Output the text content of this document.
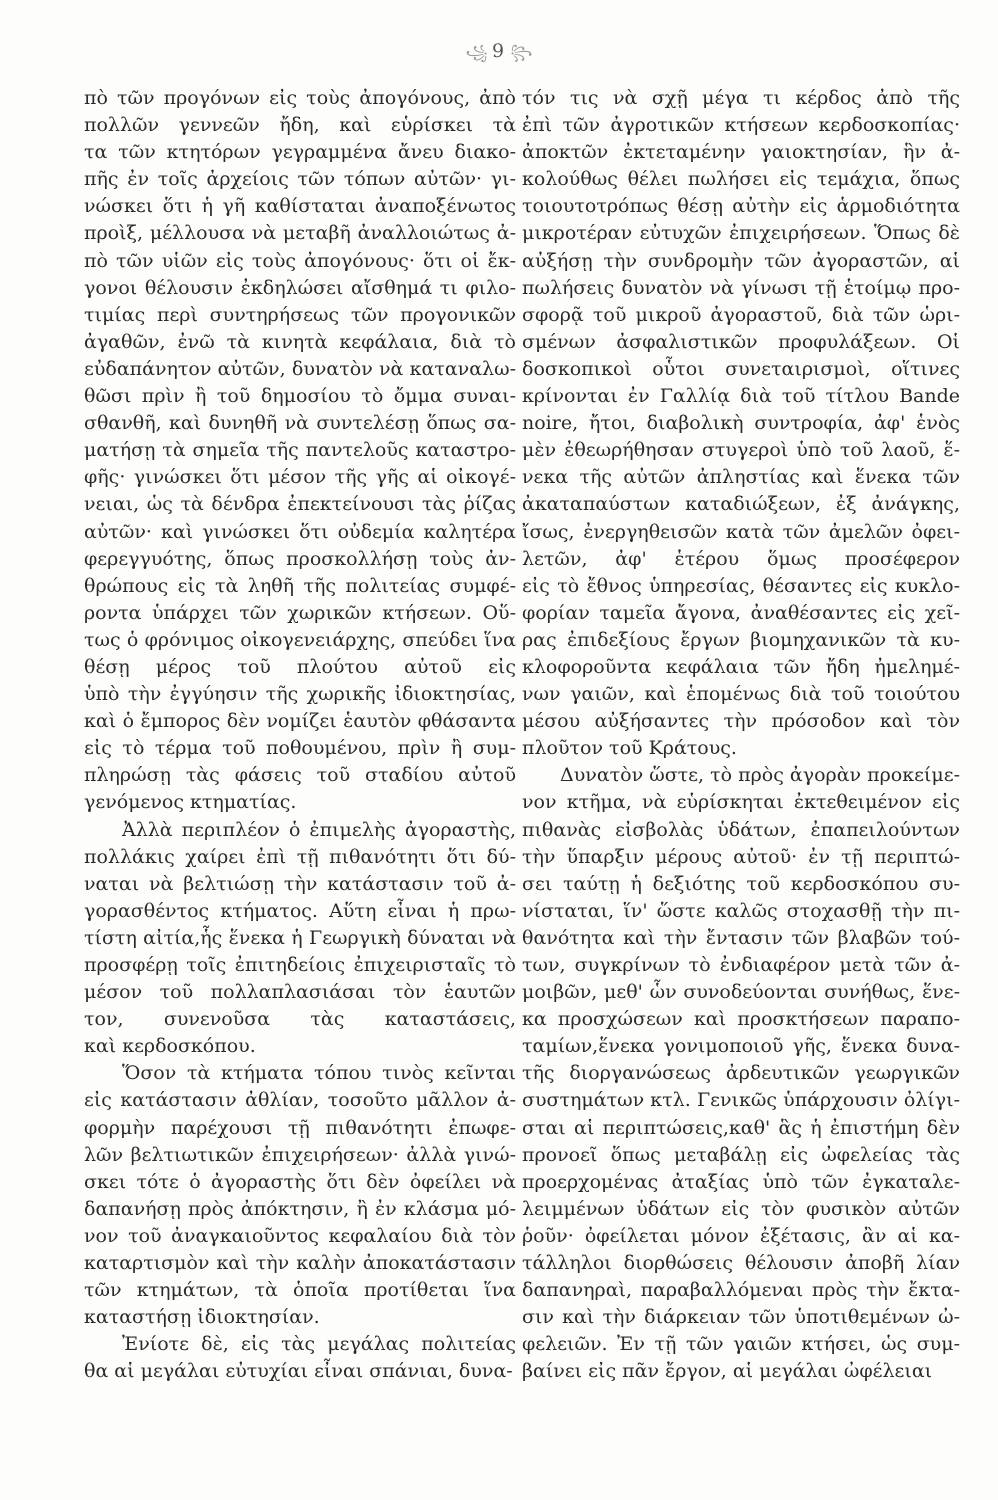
꧁ 9 ꧂
πὸ τῶν προγόνων εἰς τοὺς ἀπογόνους, ἀπὸ
πολλῶν γεννεῶν ἤδη, καὶ εὑρίσκει τὰ
τα τῶν κτητόρων γεγραμμένα ἄνευ διακο-
πῆς ἐν τοῖς ἀρχείοις τῶν τόπων αὐτῶν· γι-
νώσκει ὅτι ἡ γῆ καθίσταται ἀναποξένωτος
προὶξ, μέλλουσα νὰ μεταβῆ ἀναλλοιώτως ἀ-
πὸ τῶν υἱῶν εἰς τοὺς ἀπογόνους· ὅτι οἱ ἔκ-
γονοι θέλουσιν ἐκδηλώσει αἴσθημά τι φιλο-
τιμίας περὶ συντηρήσεως τῶν προγονικῶν
ἀγαθῶν, ἐνῶ τὰ κινητὰ κεφάλαια, διὰ τὸ
εὐδαπάνητον αὐτῶν, δυνατὸν νὰ καταναλω-
θῶσι πρὶν ἢ τοῦ δημοσίου τὸ ὄμμα συναι-
σθανθῆ, καὶ δυνηθῆ νὰ συντελέσῃ ὅπως σα-
ματήσῃ τὰ σημεῖα τῆς παντελοῦς καταστρο-
φῆς· γινώσκει ὅτι μέσον τῆς γῆς αἱ οἰκογέ-
νειαι, ὡς τὰ δένδρα ἐπεκτείνουσι τὰς ῥίζας
αὐτῶν· καὶ γινώσκει ὅτι οὐδεμία καλητέρα
φερεγγυότης, ὅπως προσκολλήσῃ τοὺς ἀν-
θρώπους εἰς τὰ ληθῆ τῆς πολιτείας συμφέ-
ροντα ὑπάρχει τῶν χωρικῶν κτήσεων. Οὕ-
τως ὁ φρόνιμος οἰκογενειάρχης, σπεύδει ἵνα
θέσῃ μέρος τοῦ πλούτου αὐτοῦ εἰς
ὑπὸ τὴν ἐγγύησιν τῆς χωρικῆς ἰδιοκτησίας,
καὶ ὁ ἔμπορος δὲν νομίζει ἑαυτὸν φθάσαντα
εἰς τὸ τέρμα τοῦ ποθουμένου, πρὶν ἢ συμ-
πληρώσῃ τὰς φάσεις τοῦ σταδίου αὐτοῦ
γενόμενος κτηματίας.
Ἀλλὰ περιπλέον ὁ ἐπιμελὴς ἀγοραστὴς,
πολλάκις χαίρει ἐπὶ τῇ πιθανότητι ὅτι δύ-
ναται νὰ βελτιώσῃ τὴν κατάστασιν τοῦ ἀ-
γορασθέντος κτήματος. Αὕτη εἶναι ἡ πρω-
τίστη αἰτία,ἧς ἕνεκα ἡ Γεωργικὴ δύναται νὰ
προσφέρῃ τοῖς ἐπιτηδείοις ἐπιχειρισταῖς τὸ
μέσον τοῦ πολλαπλασιάσαι τὸν ἑαυτῶν
τον, συνενοῦσα τὰς καταστάσεις,
καὶ κερδοσκόπου.
Ὅσον τὰ κτήματα τόπου τινὸς κεῖνται
εἰς κατάστασιν ἀθλίαν, τοσοῦτο μᾶλλον ἀ-
φορμὴν παρέχουσι τῇ πιθανότητι ἐπωφε-
λῶν βελτιωτικῶν ἐπιχειρήσεων· ἀλλὰ γινώ-
σκει τότε ὁ ἀγοραστὴς ὅτι δὲν ὀφείλει νὰ
δαπανήσῃ πρὸς ἀπόκτησιν, ἢ ἐν κλάσμα μό-
νον τοῦ ἀναγκαιοῦντος κεφαλαίου διὰ τὸν
καταρτισμὸν καὶ τὴν καλὴν ἀποκατάστασιν
τῶν κτημάτων, τὰ ὁποῖα προτίθεται ἵνα
καταστήσῃ ἰδιοκτησίαν.
Ἐνίοτε δὲ, εἰς τὰς μεγάλας πολιτείας
θα αἱ μεγάλαι εὐτυχίαι εἶναι σπάνιαι, δυνα-
τόν τις νὰ σχῇ μέγα τι κέρδος ἀπὸ τῆς
ἐπὶ τῶν ἀγροτικῶν κτήσεων κερδοσκοπίας·
ἀποκτῶν ἐκτεταμένην γαιοκτησίαν, ἣν ἀ-
κολούθως θέλει πωλήσει εἰς τεμάχια, ὅπως
τοιουτοτρόπως θέσῃ αὐτὴν εἰς ἁρμοδιότητα
μικροτέραν εὐτυχῶν ἐπιχειρήσεων. Ὅπως δὲ
αὐξήσῃ τὴν συνδρομὴν τῶν ἀγοραστῶν, αἱ
πωλήσεις δυνατὸν νὰ γίνωσι τῇ ἑτοίμῳ προ-
σφορᾷ τοῦ μικροῦ ἀγοραστοῦ, διὰ τῶν ὡρι-
σμένων ἀσφαλιστικῶν προφυλάξεων. Οἱ
δοσκοπικοὶ οὗτοι συνεταιρισμοὶ, οἵτινες
κρίνονται ἐν Γαλλίᾳ διὰ τοῦ τίτλου Bande
noire, ἤτοι, διαβολικὴ συντροφία, ἀφ' ἑνὸς
μὲν ἐθεωρήθησαν στυγεροὶ ὑπὸ τοῦ λαοῦ, ἕ-
νεκα τῆς αὐτῶν ἀπληστίας καὶ ἕνεκα τῶν
ἀκαταπαύστων καταδιώξεων, ἐξ ἀνάγκης,
ἴσως, ἐνεργηθεισῶν κατὰ τῶν ἀμελῶν ὀφει-
λετῶν, ἀφ' ἑτέρου ὅμως προσέφερον
εἰς τὸ ἔθνος ὑπηρεσίας, θέσαντες εἰς κυκλο-
φορίαν ταμεῖα ἄγονα, ἀναθέσαντες εἰς χεῖ-
ρας ἐπιδεξίους ἔργων βιομηχανικῶν τὰ κυ-
κλοφοροῦντα κεφάλαια τῶν ἤδη ἠμελημέ-
νων γαιῶν, καὶ ἑπομένως διὰ τοῦ τοιούτου
μέσου αὐξήσαντες τὴν πρόσοδον καὶ τὸν
πλοῦτον τοῦ Κράτους.
Δυνατὸν ὥστε, τὸ πρὸς ἀγορὰν προκείμε-
νον κτῆμα, νὰ εὑρίσκηται ἐκτεθειμένον εἰς
πιθανὰς εἰσβολὰς ὑδάτων, ἐπαπειλούντων
τὴν ὕπαρξιν μέρους αὐτοῦ· ἐν τῇ περιπτώ-
σει ταύτῃ ἡ δεξιότης τοῦ κερδοσκόπου συ-
νίσταται, ἵν' ὥστε καλῶς στοχασθῇ τὴν πι-
θανότητα καὶ τὴν ἔντασιν τῶν βλαβῶν τού-
των, συγκρίνων τὸ ἐνδιαφέρον μετὰ τῶν ἀ-
μοιβῶν, μεθ' ὧν συνοδεύονται συνήθως, ἕνε-
κα προσχώσεων καὶ προσκτήσεων παραπο-
ταμίων,ἕνεκα γονιμοποιοῦ γῆς, ἕνεκα δυνα-
τῆς διοργανώσεως ἀρδευτικῶν γεωργικῶν
συστημάτων κτλ. Γενικῶς ὑπάρχουσιν ὀλίγι-
σται αἱ περιπτώσεις,καθ' ἃς ἡ ἐπιστήμη δὲν
προνοεῖ ὅπως μεταβάλῃ εἰς ὠφελείας τὰς
προερχομένας ἀταξίας ὑπὸ τῶν ἐγκαταλε-
λειμμένων ὑδάτων εἰς τὸν φυσικὸν αὐτῶν
ῥοῦν· ὀφείλεται μόνον ἐξέτασις, ἂν αἱ κα-
τάλληλοι διορθώσεις θέλουσιν ἀποβῆ λίαν
δαπανηραὶ, παραβαλλόμεναι πρὸς τὴν ἔκτα-
σιν καὶ τὴν διάρκειαν τῶν ὑποτιθεμένων ὠ-
φελειῶν. Ἐν τῇ τῶν γαιῶν κτήσει, ὡς συμ-
βαίνει εἰς πᾶν ἔργον, αἱ μεγάλαι ὠφέλειαι
